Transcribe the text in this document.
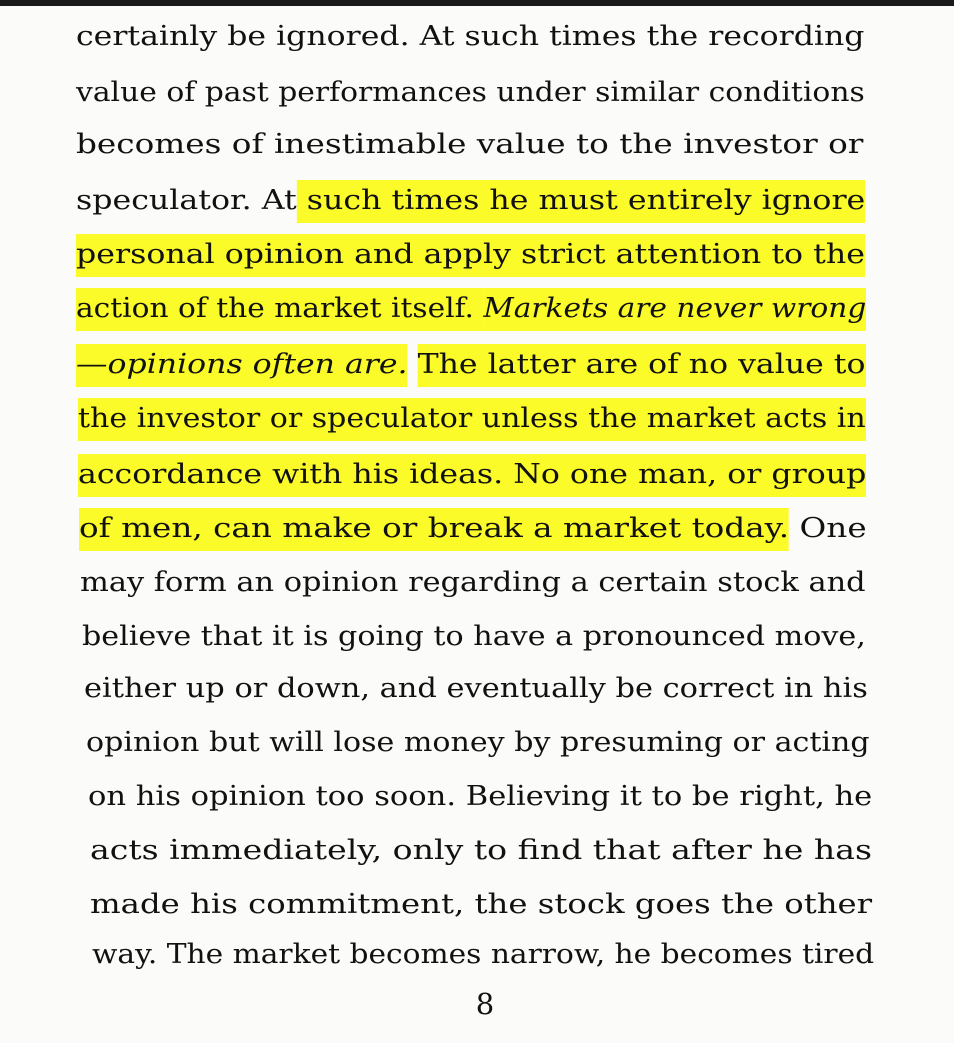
certainly be ignored. At such times the recording
value of past performances under similar conditions
becomes of inestimable value to the investor or
speculator. At such times he must entirely ignore
personal opinion and apply strict attention to the
action of the market itself. Markets are never wrong
—opinions often are. The latter are of no value to
the investor or speculator unless the market acts in
accordance with his ideas. No one man, or group
of men, can make or break a market today. One
may form an opinion regarding a certain stock and
believe that it is going to have a pronounced move,
either up or down, and eventually be correct in his
opinion but will lose money by presuming or acting
on his opinion too soon. Believing it to be right, he
acts immediately, only to find that after he has
made his commitment, the stock goes the other
way. The market becomes narrow, he becomes tired
8
